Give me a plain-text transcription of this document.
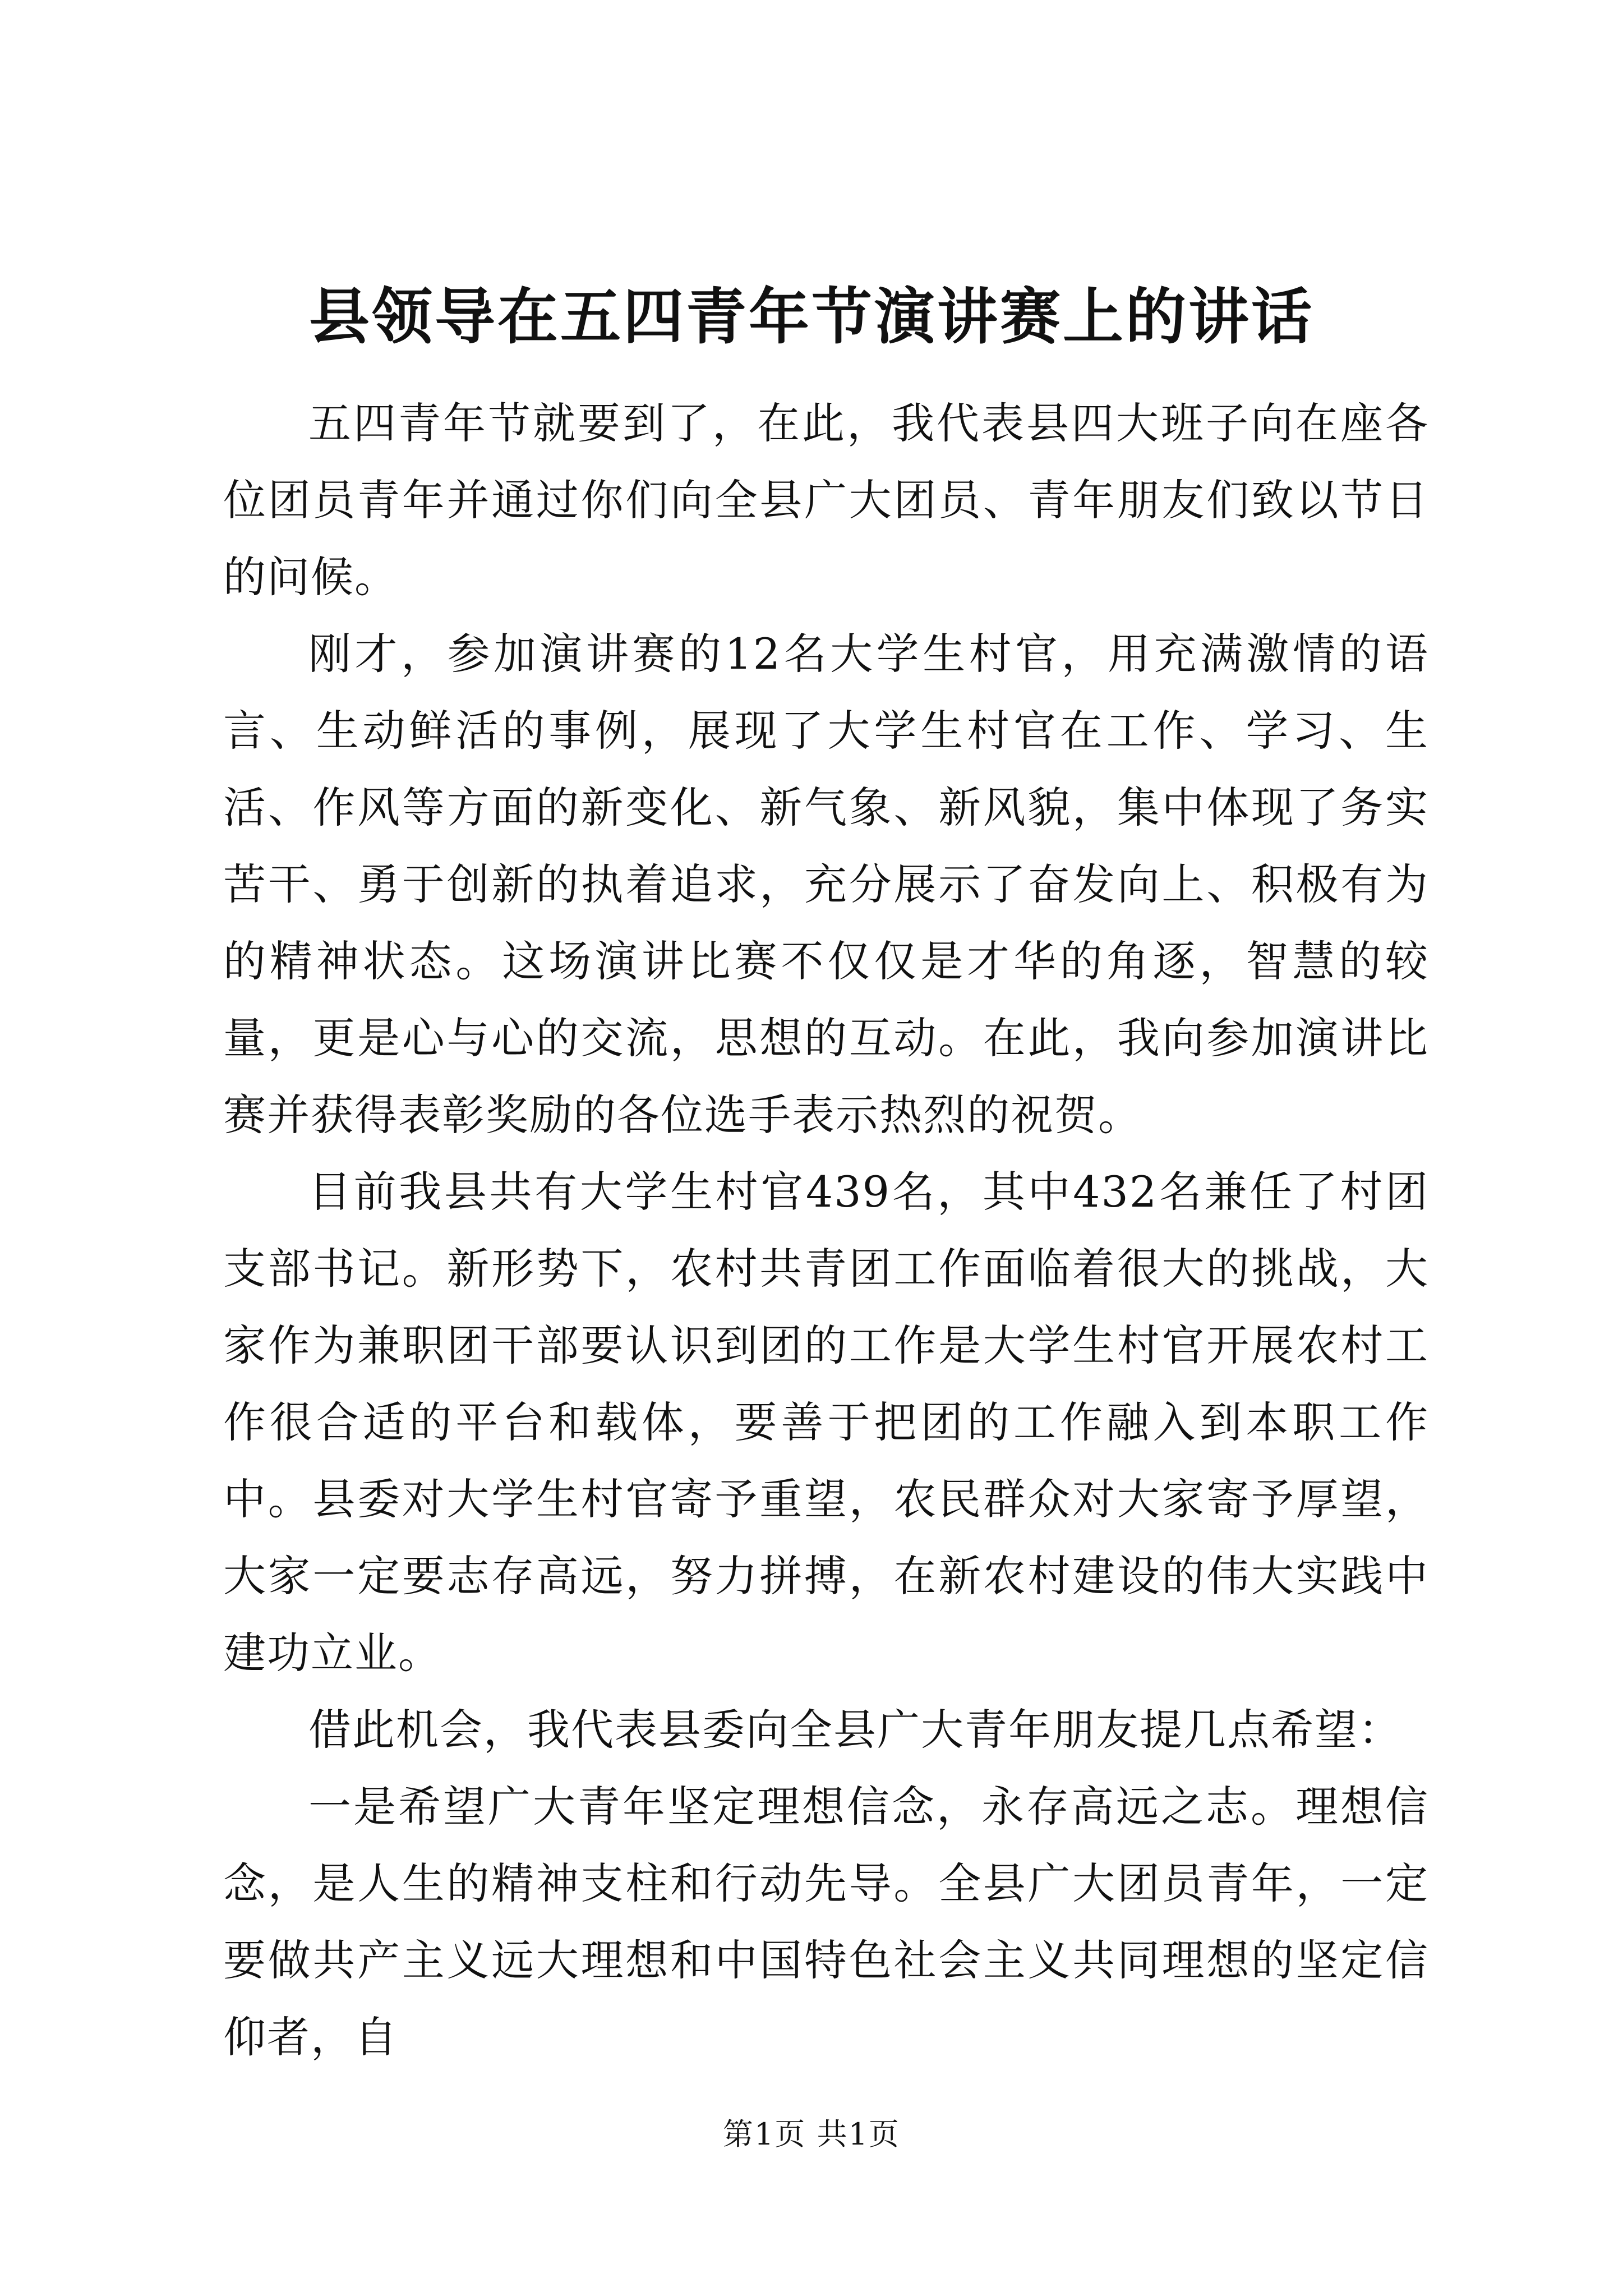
县领导在五四青年节演讲赛上的讲话

五四青年节就要到了，在此，我代表县四大班子向在座各位团员青年并通过你们向全县广大团员、青年朋友们致以节日的问候。

刚才，参加演讲赛的12名大学生村官，用充满激情的语言、生动鲜活的事例，展现了大学生村官在工作、学习、生活、作风等方面的新变化、新气象、新风貌，集中体现了务实苦干、勇于创新的执着追求，充分展示了奋发向上、积极有为的精神状态。这场演讲比赛不仅仅是才华的角逐，智慧的较量，更是心与心的交流，思想的互动。在此，我向参加演讲比赛并获得表彰奖励的各位选手表示热烈的祝贺。

目前我县共有大学生村官439名，其中432名兼任了村团支部书记。新形势下，农村共青团工作面临着很大的挑战，大家作为兼职团干部要认识到团的工作是大学生村官开展农村工作很合适的平台和载体，要善于把团的工作融入到本职工作中。县委对大学生村官寄予重望，农民群众对大家寄予厚望，大家一定要志存高远，努力拼搏，在新农村建设的伟大实践中建功立业。

借此机会，我代表县委向全县广大青年朋友提几点希望：

一是希望广大青年坚定理想信念，永存高远之志。理想信念，是人生的精神支柱和行动先导。全县广大团员青年，一定要做共产主义远大理想和中国特色社会主义共同理想的坚定信仰者，自

第1页 共1页
